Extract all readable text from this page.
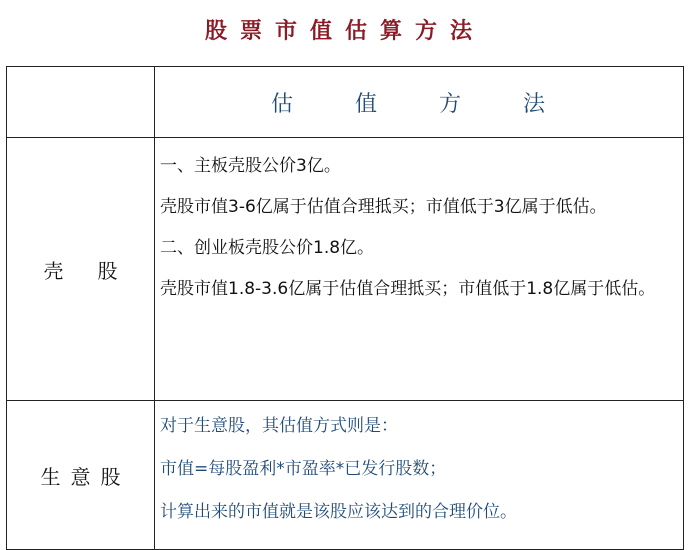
股票市值估算方法
	估值方法
壳股	一、主板壳股公价3亿。
壳股市值3-6亿属于估值合理抵买；市值低于3亿属于低估。
二、创业板壳股公价1.8亿。
壳股市值1.8-3.6亿属于估值合理抵买；市值低于1.8亿属于低估。

生意股	对于生意股，其估值方式则是：
市值=每股盈利*市盈率*已发行股数；
计算出来的市值就是该股应该达到的合理价位。
